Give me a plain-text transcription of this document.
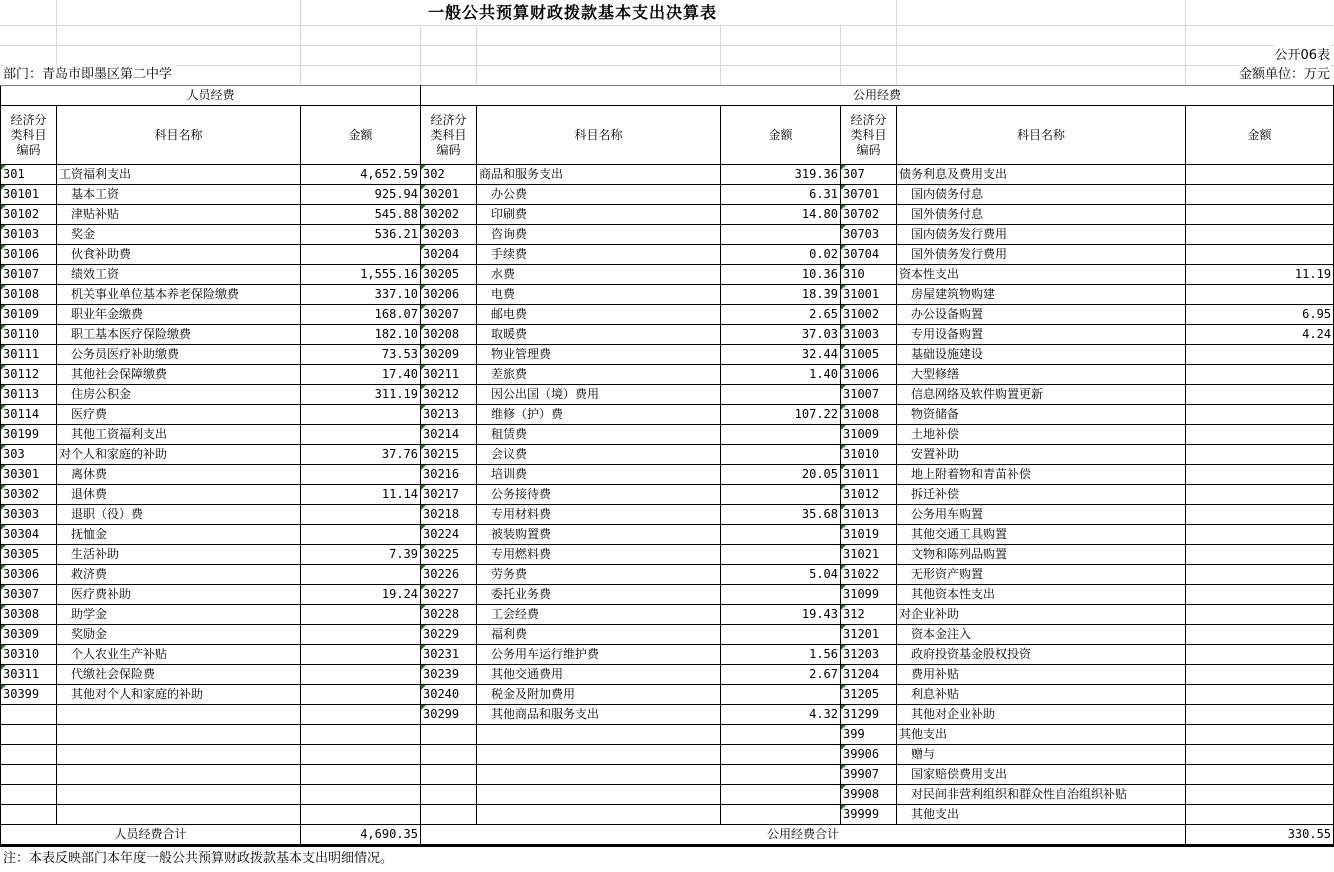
一般公共预算财政拨款基本支出决算表
公开06表
部门：青岛市即墨区第二中学	金额单位：万元
人员经费			公用经费					
经济分类科目编码	科目名称	金额	经济分类科目编码	科目名称	金额	经济分类科目编码	科目名称	金额
301	工资福利支出	4,652.59	302	商品和服务支出	319.36	307	债务利息及费用支出	
30101	基本工资	925.94	30201	办公费	6.31	30701	国内债务付息	
30102	津贴补贴	545.88	30202	印刷费	14.80	30702	国外债务付息	
30103	奖金	536.21	30203	咨询费		30703	国内债务发行费用	
30106	伙食补助费		30204	手续费	0.02	30704	国外债务发行费用	
30107	绩效工资	1,555.16	30205	水费	10.36	310	资本性支出	11.19
30108	机关事业单位基本养老保险缴费	337.10	30206	电费	18.39	31001	房屋建筑物购建	
30109	职业年金缴费	168.07	30207	邮电费	2.65	31002	办公设备购置	6.95
30110	职工基本医疗保险缴费	182.10	30208	取暖费	37.03	31003	专用设备购置	4.24
30111	公务员医疗补助缴费	73.53	30209	物业管理费	32.44	31005	基础设施建设	
30112	其他社会保障缴费	17.40	30211	差旅费	1.40	31006	大型修缮	
30113	住房公积金	311.19	30212	因公出国（境）费用		31007	信息网络及软件购置更新	
30114	医疗费		30213	维修（护）费	107.22	31008	物资储备	
30199	其他工资福利支出		30214	租赁费		31009	土地补偿	
303	对个人和家庭的补助	37.76	30215	会议费		31010	安置补助	
30301	离休费		30216	培训费	20.05	31011	地上附着物和青苗补偿	
30302	退休费	11.14	30217	公务接待费		31012	拆迁补偿	
30303	退职（役）费		30218	专用材料费	35.68	31013	公务用车购置	
30304	抚恤金		30224	被装购置费		31019	其他交通工具购置	
30305	生活补助	7.39	30225	专用燃料费		31021	文物和陈列品购置	
30306	救济费		30226	劳务费	5.04	31022	无形资产购置	
30307	医疗费补助	19.24	30227	委托业务费		31099	其他资本性支出	
30308	助学金		30228	工会经费	19.43	312	对企业补助	
30309	奖励金		30229	福利费		31201	资本金注入	
30310	个人农业生产补贴		30231	公务用车运行维护费	1.56	31203	政府投资基金股权投资	
30311	代缴社会保险费		30239	其他交通费用	2.67	31204	费用补贴	
30399	其他对个人和家庭的补助		30240	税金及附加费用		31205	利息补贴	
			30299	其他商品和服务支出	4.32	31299	其他对企业补助	
						399	其他支出	
						39906	赠与	
						39907	国家赔偿费用支出	
						39908	对民间非营利组织和群众性自治组织补贴	
						39999	其他支出	
人员经费合计		4,690.35	公用经费合计					330.55
注：本表反映部门本年度一般公共预算财政拨款基本支出明细情况。
